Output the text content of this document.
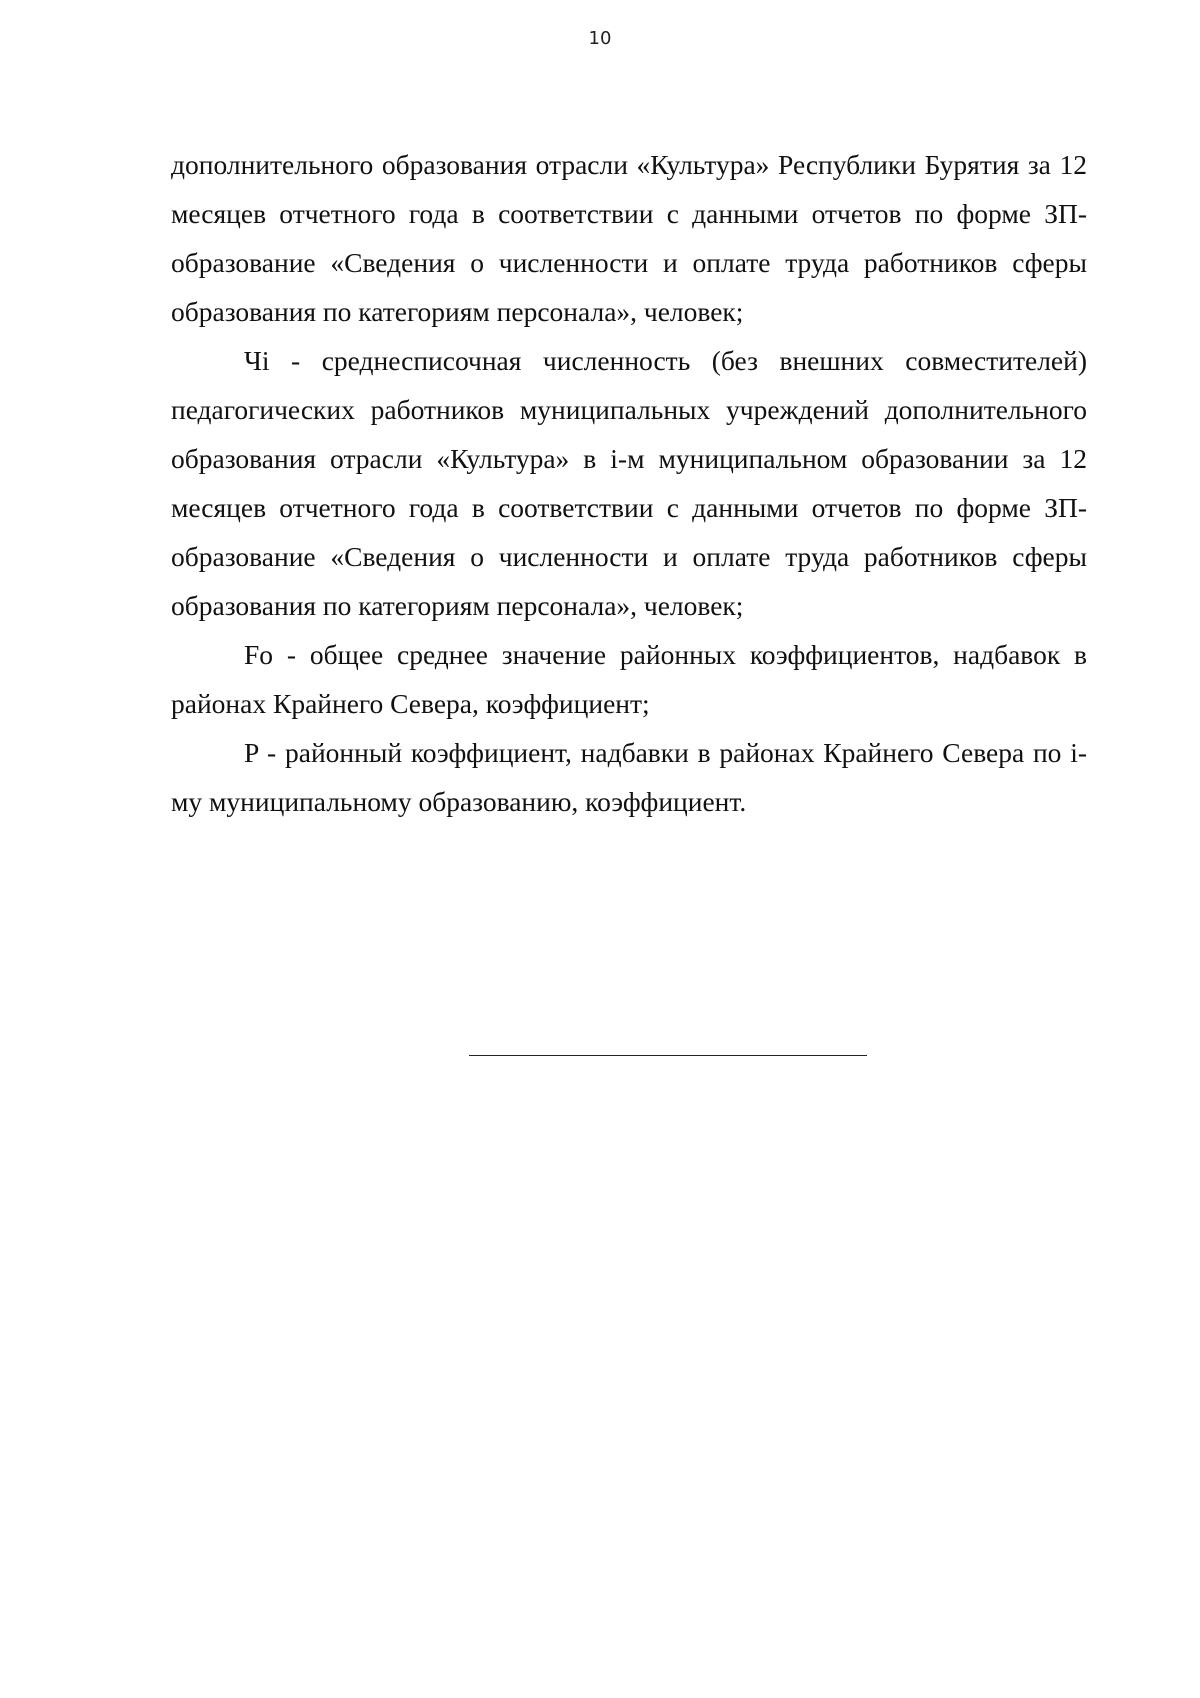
10

дополнительного образования отрасли «Культура» Республики Бурятия за 12 месяцев отчетного года в соответствии с данными отчетов по форме ЗП-образование «Сведения о численности и оплате труда работников сферы образования по категориям персонала», человек;

Чi - среднесписочная численность (без внешних совместителей) педагогических работников муниципальных учреждений дополнительного образования отрасли «Культура» в i-м муниципальном образовании за 12 месяцев отчетного года в соответствии с данными отчетов по форме ЗП-образование «Сведения о численности и оплате труда работников сферы образования по категориям персонала», человек;

Fо - общее среднее значение районных коэффициентов, надбавок в районах Крайнего Севера, коэффициент;

P - районный коэффициент, надбавки в районах Крайнего Севера по i-му муниципальному образованию, коэффициент.
